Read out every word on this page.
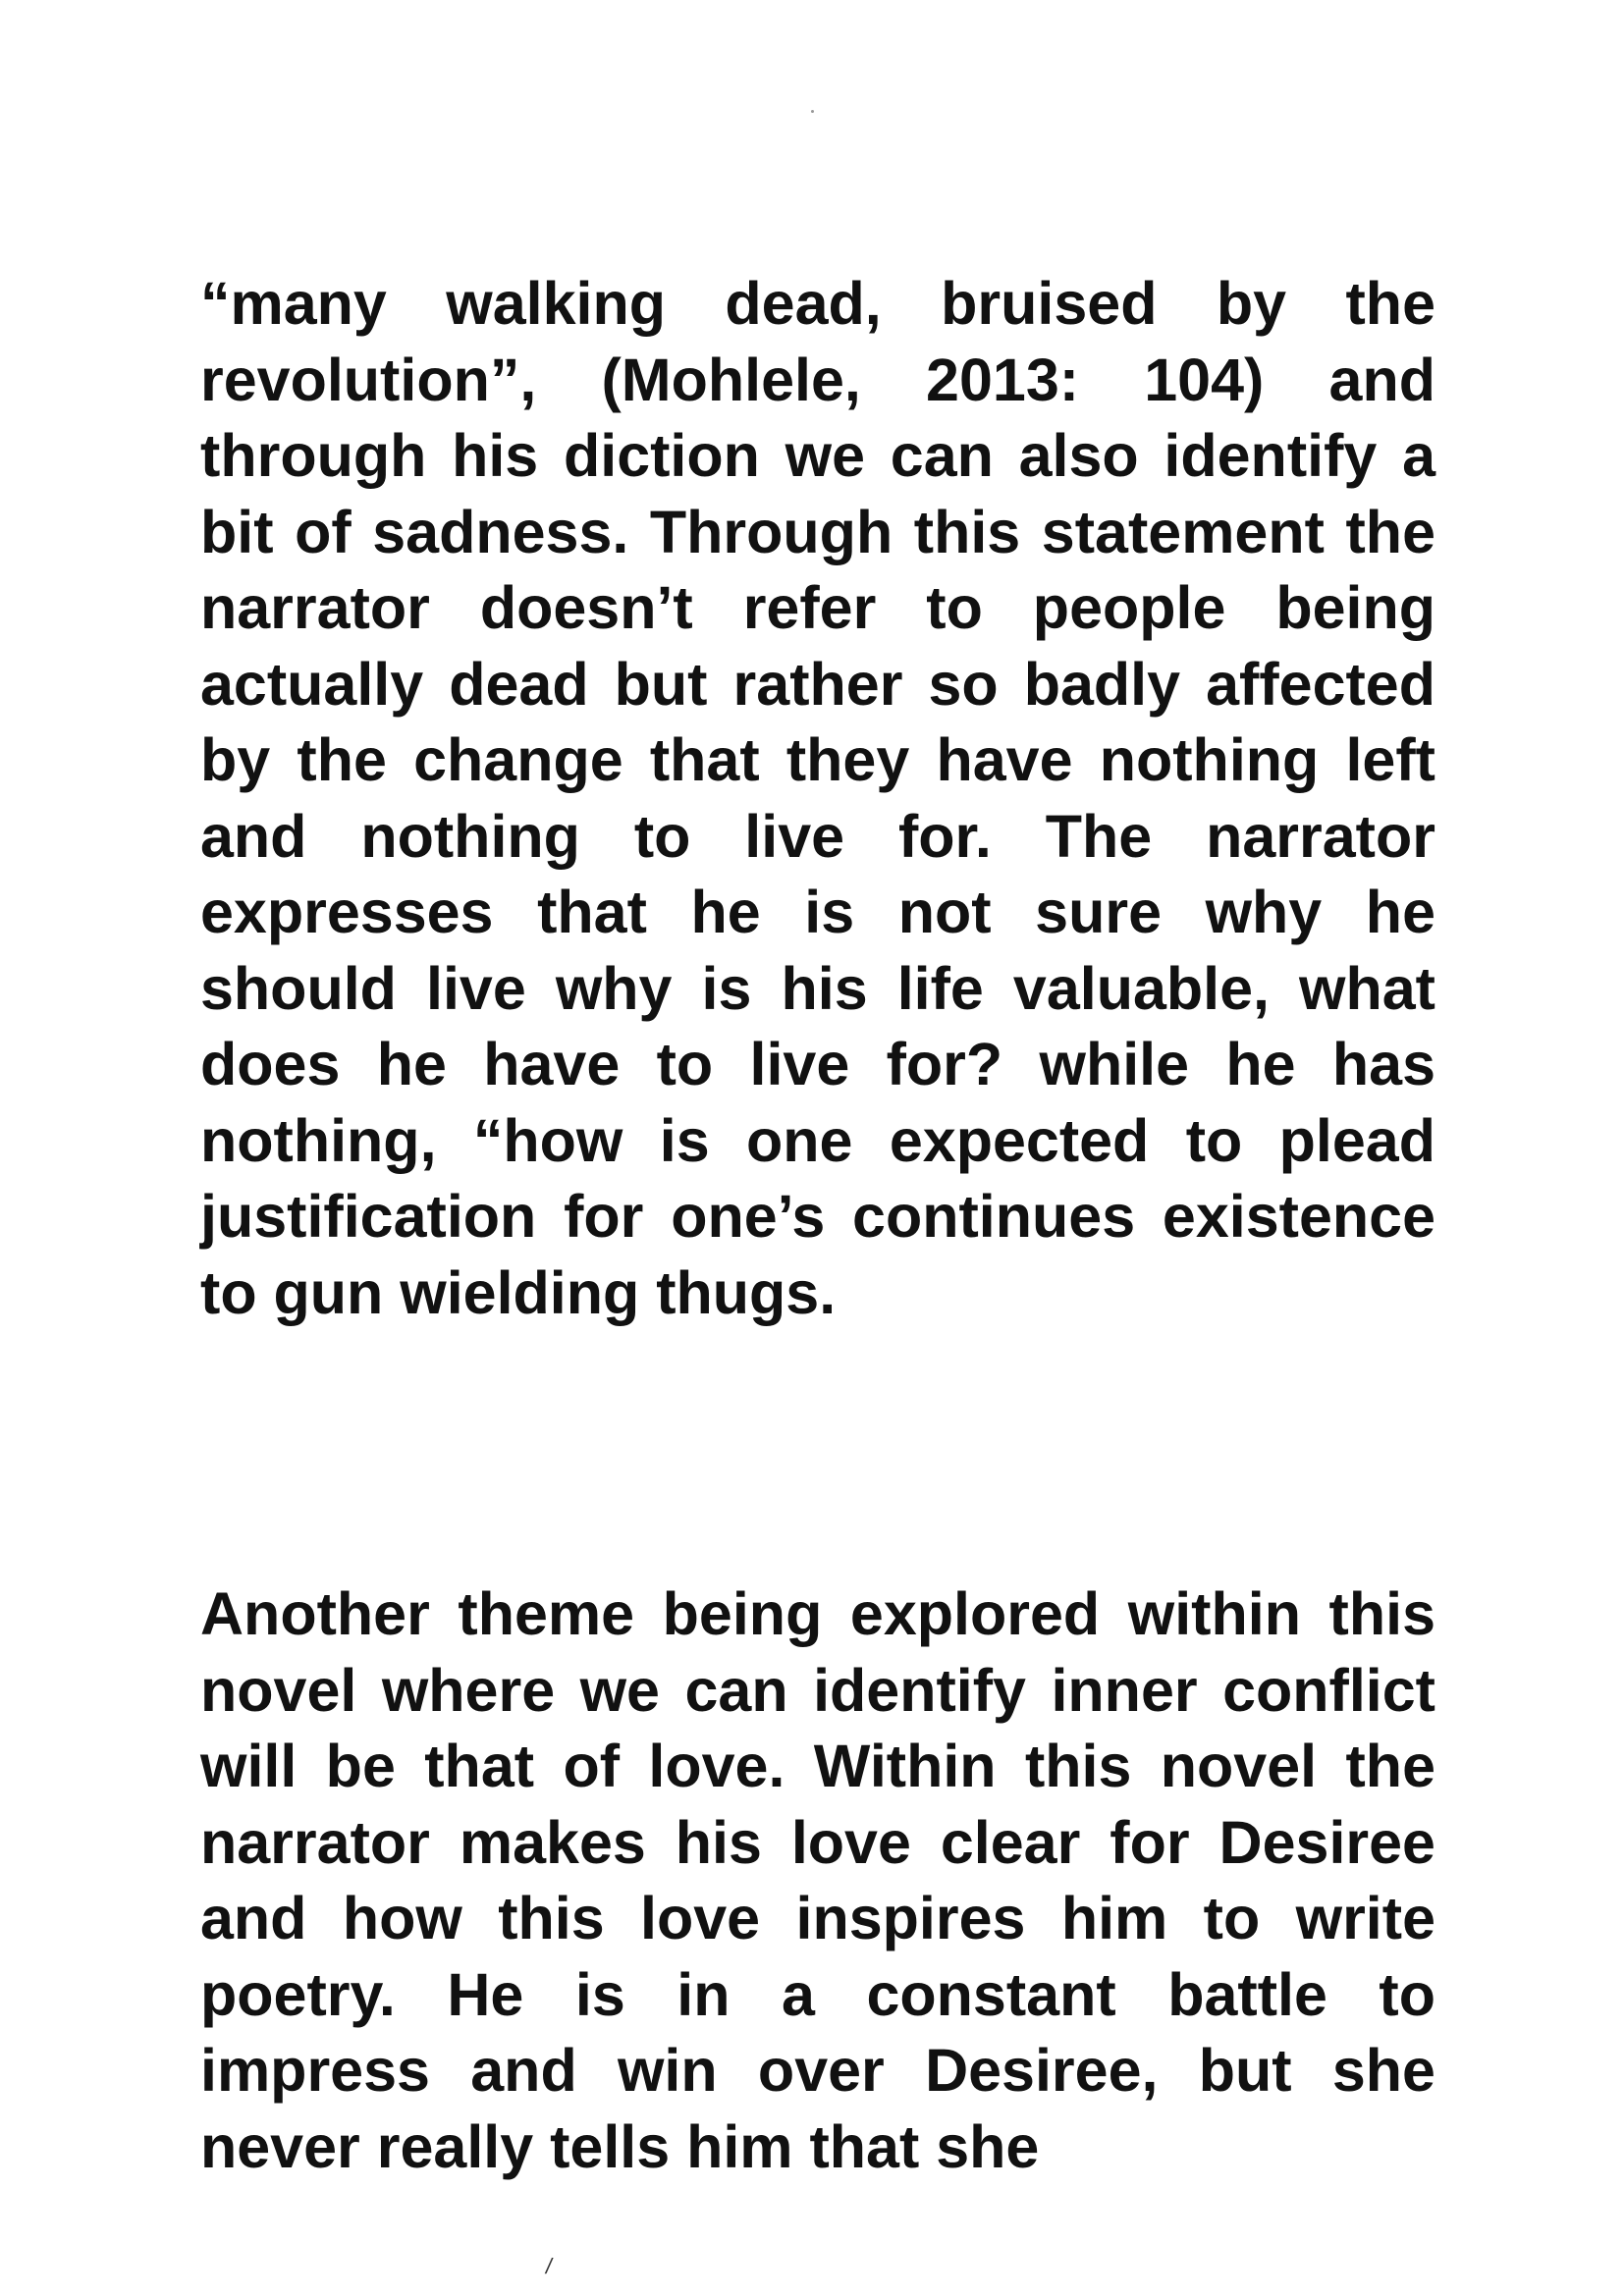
“many walking dead, bruised by the revolution”, (Mohlele, 2013: 104) and through his diction we can also identify a bit of sadness. Through this statement the narrator doesn’t refer to people being actually dead but rather so badly affected by the change that they have nothing left and nothing to live for. The narrator expresses that he is not sure why he should live why is his life valuable, what does he have to live for? while he has nothing, “how is one expected to plead justification for one’s continues existence to gun wielding thugs.

Another theme being explored within this novel where we can identify inner conflict will be that of love. Within this novel the narrator makes his love clear for Desiree and how this love inspires him to write poetry. He is in a constant battle to impress and win over Desiree, but she never really tells him that she

/
